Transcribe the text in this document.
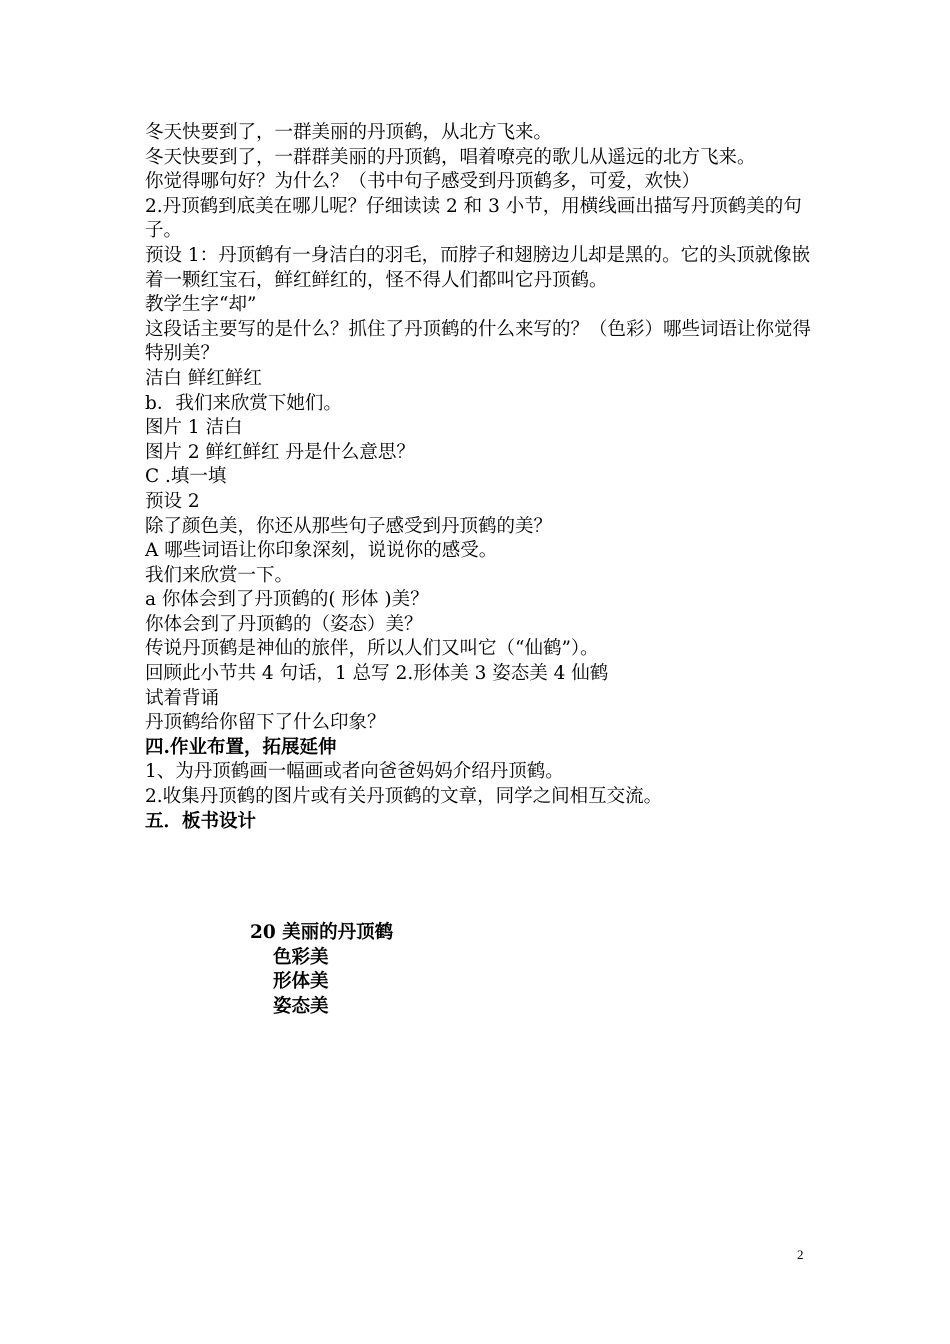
冬天快要到了，一群美丽的丹顶鹤，从北方飞来。

冬天快要到了，一群群美丽的丹顶鹤，唱着嘹亮的歌儿从遥远的北方飞来。

你觉得哪句好？为什么？（书中句子感受到丹顶鹤多，可爱，欢快）

2.丹顶鹤到底美在哪儿呢？仔细读读 2 和 3 小节，用横线画出描写丹顶鹤美的句子。

预设 1：丹顶鹤有一身洁白的羽毛，而脖子和翅膀边儿却是黑的。它的头顶就像嵌着一颗红宝石，鲜红鲜红的，怪不得人们都叫它丹顶鹤。

教学生字“却”

这段话主要写的是什么？抓住了丹顶鹤的什么来写的？（色彩）哪些词语让你觉得特别美？

洁白 鲜红鲜红

b．我们来欣赏下她们。

图片 1 洁白

图片 2 鲜红鲜红 丹是什么意思？

C .填一填

预设 2

除了颜色美，你还从那些句子感受到丹顶鹤的美？

A 哪些词语让你印象深刻，说说你的感受。

我们来欣赏一下。

a 你体会到了丹顶鹤的( 形体 )美？

你体会到了丹顶鹤的（姿态）美？

传说丹顶鹤是神仙的旅伴，所以人们又叫它（“仙鹤”）。

回顾此小节共 4 句话，1 总写 2.形体美 3 姿态美 4 仙鹤

试着背诵

丹顶鹤给你留下了什么印象？

四.作业布置，拓展延伸

1、为丹顶鹤画一幅画或者向爸爸妈妈介绍丹顶鹤。

2.收集丹顶鹤的图片或有关丹顶鹤的文章，同学之间相互交流。

五．板书设计

20 美丽的丹顶鹤
色彩美
形体美
姿态美
2
